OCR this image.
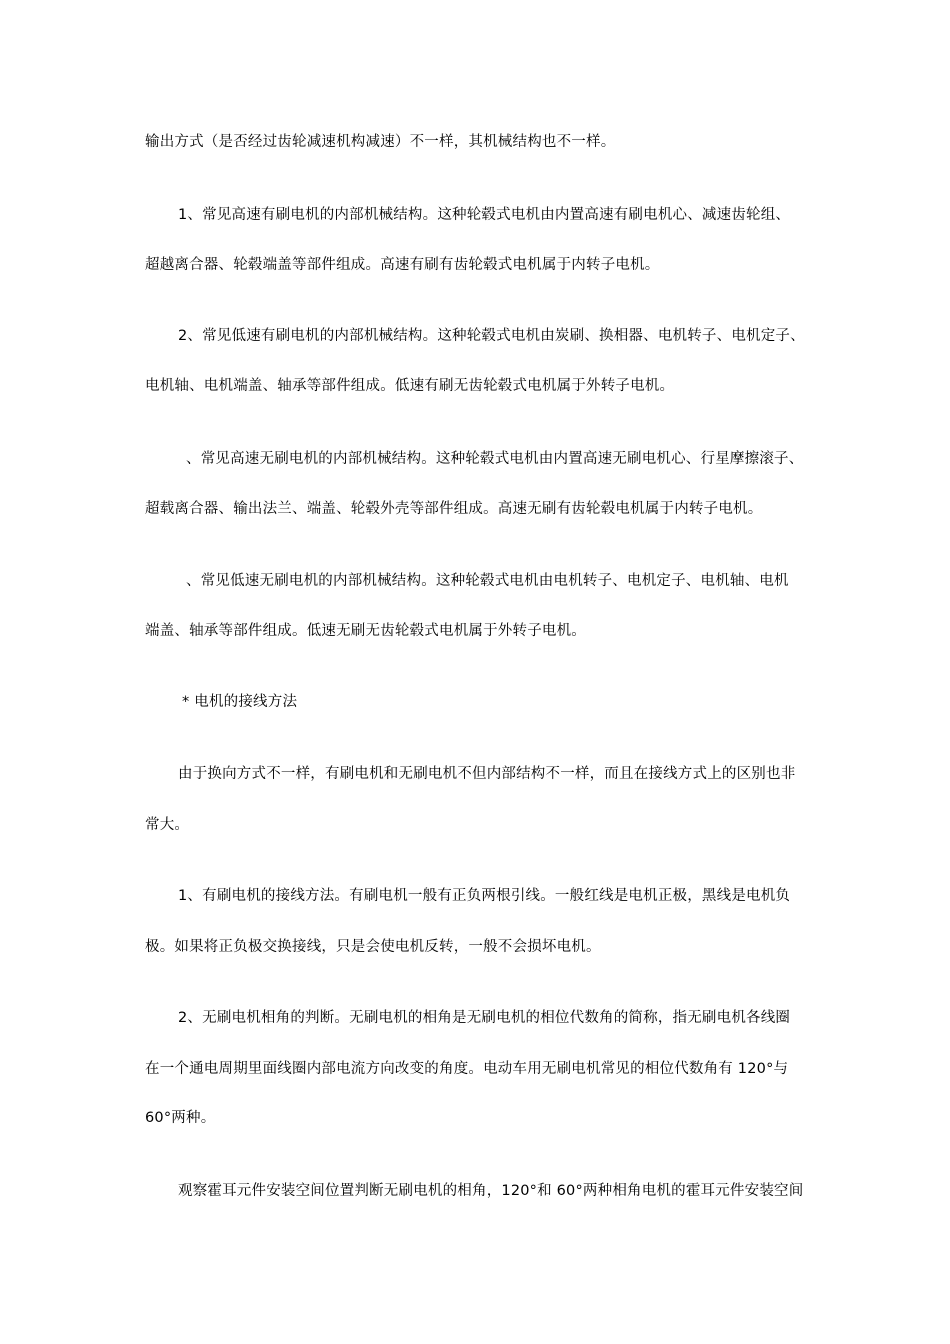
输出方式（是否经过齿轮减速机构减速）不一样，其机械结构也不一样。
1、常见高速有刷电机的内部机械结构。这种轮毂式电机由内置高速有刷电机心、减速齿轮组、
超越离合器、轮毂端盖等部件组成。高速有刷有齿轮毂式电机属于内转子电机。
2、常见低速有刷电机的内部机械结构。这种轮毂式电机由炭刷、换相器、电机转子、电机定子、
电机轴、电机端盖、轴承等部件组成。低速有刷无齿轮毂式电机属于外转子电机。
、常见高速无刷电机的内部机械结构。这种轮毂式电机由内置高速无刷电机心、行星摩擦滚子、
超载离合器、输出法兰、端盖、轮毂外壳等部件组成。高速无刷有齿轮毂电机属于内转子电机。
、常见低速无刷电机的内部机械结构。这种轮毂式电机由电机转子、电机定子、电机轴、电机
端盖、轴承等部件组成。低速无刷无齿轮毂式电机属于外转子电机。
* 电机的接线方法
由于换向方式不一样，有刷电机和无刷电机不但内部结构不一样，而且在接线方式上的区别也非
常大。
1、有刷电机的接线方法。有刷电机一般有正负两根引线。一般红线是电机正极，黑线是电机负
极。如果将正负极交换接线，只是会使电机反转，一般不会损坏电机。
2、无刷电机相角的判断。无刷电机的相角是无刷电机的相位代数角的简称，指无刷电机各线圈
在一个通电周期里面线圈内部电流方向改变的角度。电动车用无刷电机常见的相位代数角有 120°与
60°两种。
观察霍耳元件安装空间位置判断无刷电机的相角，120°和 60°两种相角电机的霍耳元件安装空间
